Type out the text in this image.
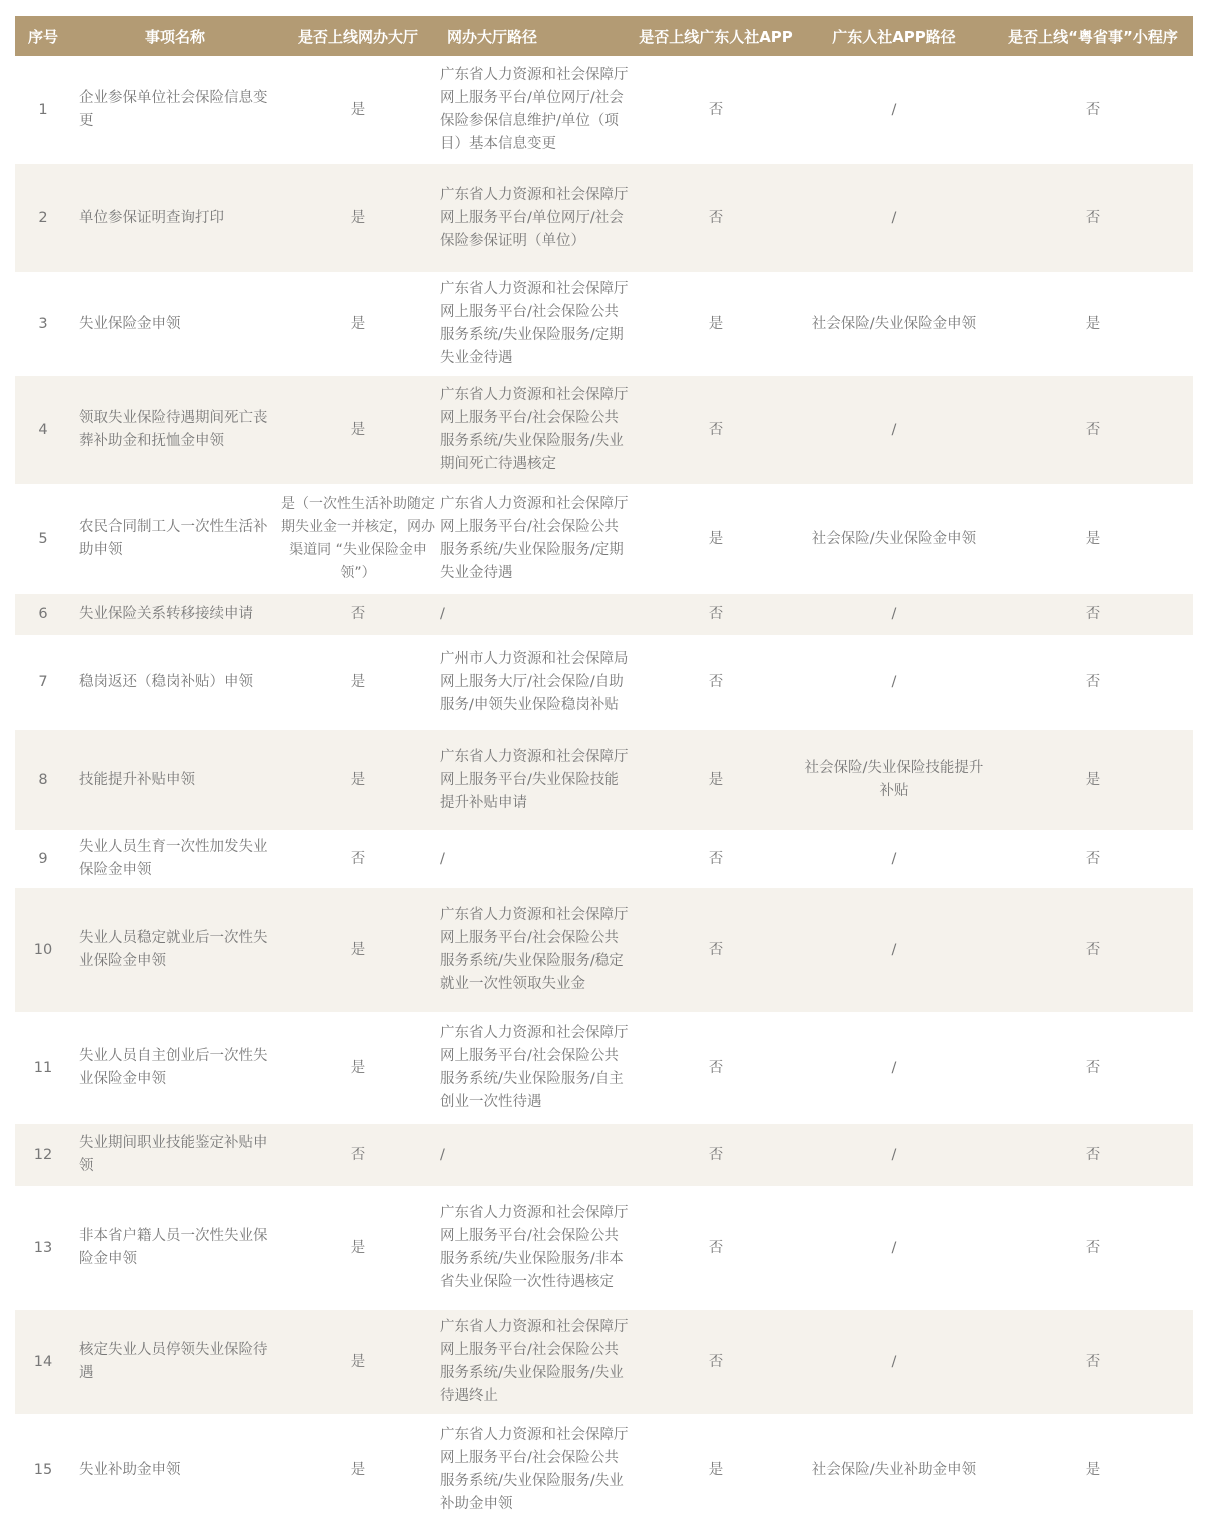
序号	事项名称	是否上线网办大厅	网办大厅路径	是否上线广东人社APP	广东人社APP路径	是否上线“粤省事”小程序
1	企业参保单位社会保险信息变更	是	广东省人力资源和社会保障厅网上服务平台/单位网厅/社会保险参保信息维护/单位（项目）基本信息变更	否	/	否
2	单位参保证明查询打印	是	广东省人力资源和社会保障厅网上服务平台/单位网厅/社会保险参保证明（单位）	否	/	否
3	失业保险金申领	是	广东省人力资源和社会保障厅网上服务平台/社会保险公共服务系统/失业保险服务/定期失业金待遇	是	社会保险/失业保险金申领	是
4	领取失业保险待遇期间死亡丧葬补助金和抚恤金申领	是	广东省人力资源和社会保障厅网上服务平台/社会保险公共服务系统/失业保险服务/失业期间死亡待遇核定	否	/	否
5	农民合同制工人一次性生活补助申领	是（一次性生活补助随定期失业金一并核定，网办渠道同 “失业保险金申领”）	广东省人力资源和社会保障厅网上服务平台/社会保险公共服务系统/失业保险服务/定期失业金待遇	是	社会保险/失业保险金申领	是
6	失业保险关系转移接续申请	否	/	否	/	否
7	稳岗返还（稳岗补贴）申领	是	广州市人力资源和社会保障局网上服务大厅/社会保险/自助服务/申领失业保险稳岗补贴	否	/	否
8	技能提升补贴申领	是	广东省人力资源和社会保障厅网上服务平台/失业保险技能提升补贴申请	是	社会保险/失业保险技能提升补贴	是
9	失业人员生育一次性加发失业保险金申领	否	/	否	/	否
10	失业人员稳定就业后一次性失业保险金申领	是	广东省人力资源和社会保障厅网上服务平台/社会保险公共服务系统/失业保险服务/稳定就业一次性领取失业金	否	/	否
11	失业人员自主创业后一次性失业保险金申领	是	广东省人力资源和社会保障厅网上服务平台/社会保险公共服务系统/失业保险服务/自主创业一次性待遇	否	/	否
12	失业期间职业技能鉴定补贴申领	否	/	否	/	否
13	非本省户籍人员一次性失业保险金申领	是	广东省人力资源和社会保障厅网上服务平台/社会保险公共服务系统/失业保险服务/非本省失业保险一次性待遇核定	否	/	否
14	核定失业人员停领失业保险待遇	是	广东省人力资源和社会保障厅网上服务平台/社会保险公共服务系统/失业保险服务/失业待遇终止	否	/	否
15	失业补助金申领	是	广东省人力资源和社会保障厅网上服务平台/社会保险公共服务系统/失业保险服务/失业补助金申领	是	社会保险/失业补助金申领	是
